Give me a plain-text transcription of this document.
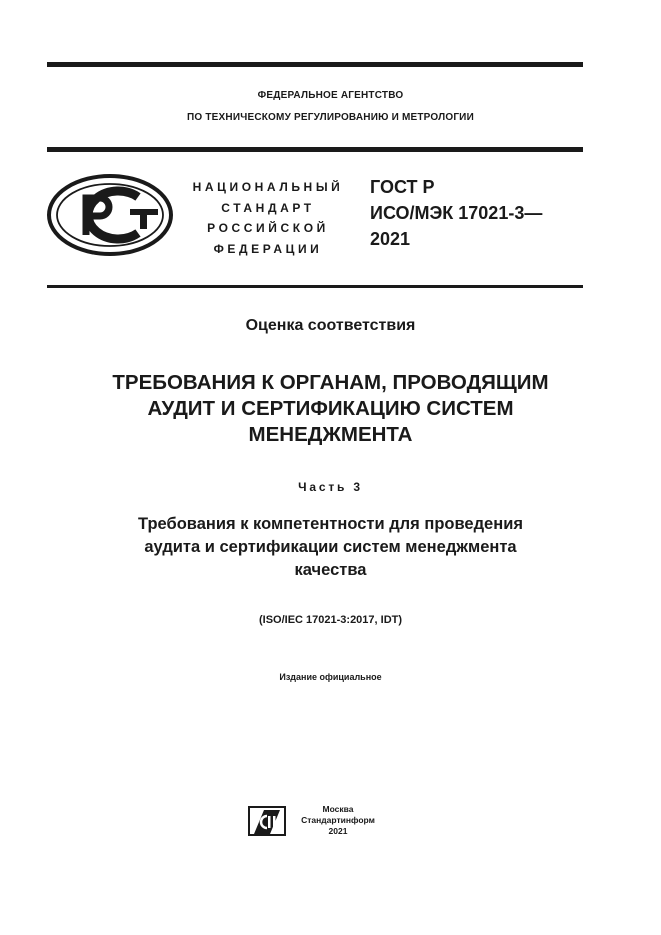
ФЕДЕРАЛЬНОЕ АГЕНТСТВО
ПО ТЕХНИЧЕСКОМУ РЕГУЛИРОВАНИЮ И МЕТРОЛОГИИ
НАЦИОНАЛЬНЫЙ
СТАНДАРТ
РОССИЙСКОЙ
ФЕДЕРАЦИИ
ГОСТ Р
ИСО/МЭК 17021-3—
2021
Оценка соответствия
ТРЕБОВАНИЯ К ОРГАНАМ, ПРОВОДЯЩИМ
АУДИТ И СЕРТИФИКАЦИЮ СИСТЕМ
МЕНЕДЖМЕНТА
Часть 3
Требования к компетентности для проведения
аудита и сертификации систем менеджмента
качества
(ISO/IEC 17021-3:2017, IDT)
Издание официальное
Москва
Стандартинформ
2021
